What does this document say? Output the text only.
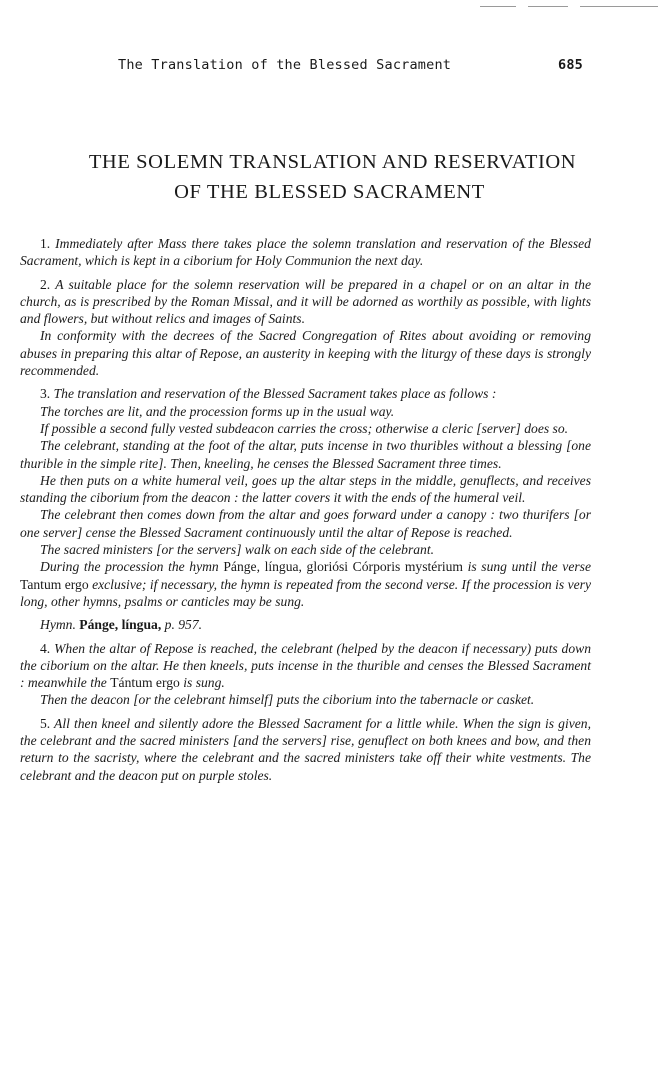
The Translation of the Blessed Sacrament	685
THE SOLEMN TRANSLATION AND RESERVATION
OF THE BLESSED SACRAMENT

1. Immediately after Mass there takes place the solemn translation and reservation of the Blessed Sacrament, which is kept in a ciborium for Holy Communion the next day.

2. A suitable place for the solemn reservation will be prepared in a chapel or on an altar in the church, as is prescribed by the Roman Missal, and it will be adorned as worthily as possible, with lights and flowers, but without relics and images of Saints.

In conformity with the decrees of the Sacred Congregation of Rites about avoiding or removing abuses in preparing this altar of Repose, an austerity in keeping with the liturgy of these days is strongly recommended.

3. The translation and reservation of the Blessed Sacrament takes place as follows :

The torches are lit, and the procession forms up in the usual way.

If possible a second fully vested subdeacon carries the cross; otherwise a cleric [server] does so.

The celebrant, standing at the foot of the altar, puts incense in two thuribles without a blessing [one thurible in the simple rite]. Then, kneeling, he censes the Blessed Sacrament three times.

He then puts on a white humeral veil, goes up the altar steps in the middle, genuflects, and receives standing the ciborium from the deacon : the latter covers it with the ends of the humeral veil.

The celebrant then comes down from the altar and goes forward under a canopy : two thurifers [or one server] cense the Blessed Sacrament continuously until the altar of Repose is reached.

The sacred ministers [or the servers] walk on each side of the celebrant.

During the procession the hymn Pánge, língua, gloriósi Córporis mystérium is sung until the verse Tantum ergo exclusive; if necessary, the hymn is repeated from the second verse. If the procession is very long, other hymns, psalms or canticles may be sung.

Hymn. Pánge, língua, p. 957.

4. When the altar of Repose is reached, the celebrant (helped by the deacon if necessary) puts down the ciborium on the altar. He then kneels, puts incense in the thurible and censes the Blessed Sacrament : meanwhile the Tántum ergo is sung.

Then the deacon [or the celebrant himself] puts the ciborium into the tabernacle or casket.

5. All then kneel and silently adore the Blessed Sacrament for a little while. When the sign is given, the celebrant and the sacred ministers [and the servers] rise, genuflect on both knees and bow, and then return to the sacristy, where the celebrant and the sacred ministers take off their white vestments. The celebrant and the deacon put on purple stoles.
